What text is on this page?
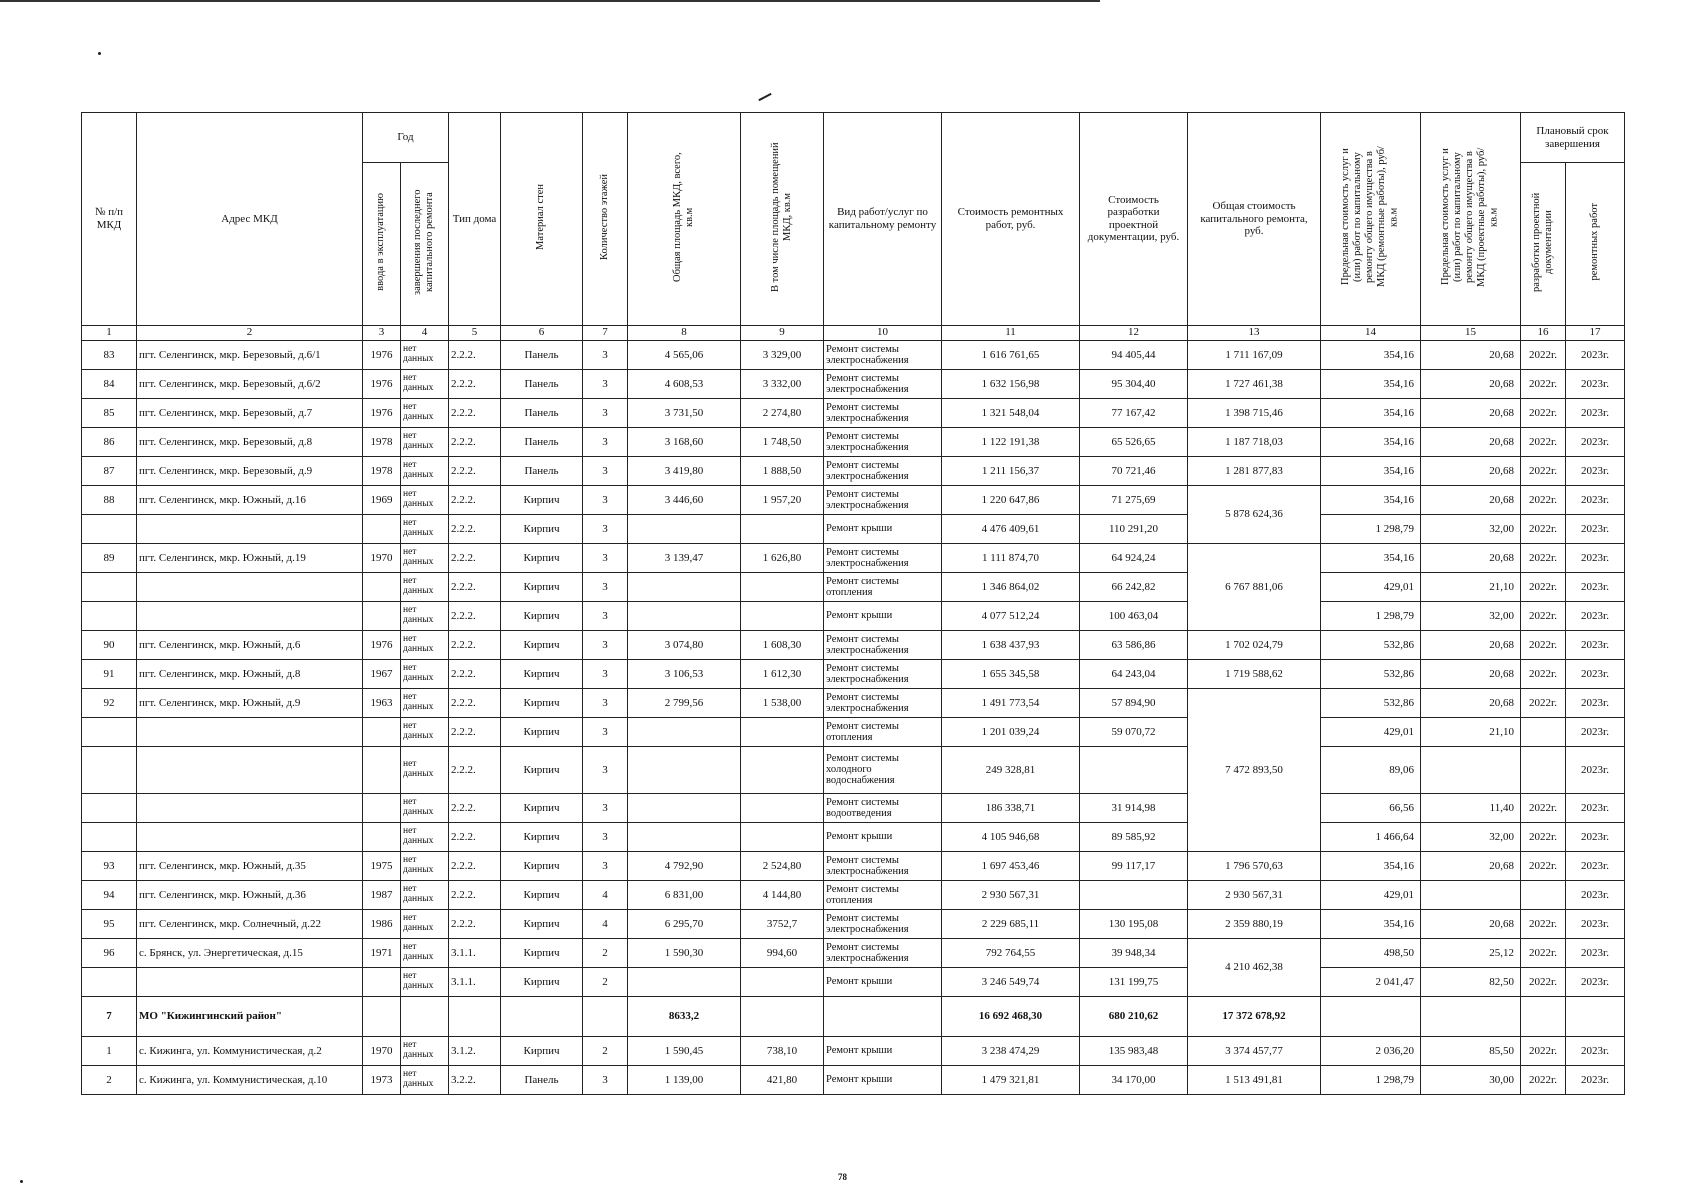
№ п/п МКД	Адрес МКД	Год		Тип дома	Материал стен	Количество этажей	Общая площадь МКД, всего, кв.м	В том числе площадь помещений МКД, кв.м	Вид работ/услуг по капитальному ремонту	Стоимость ремонтных работ, руб.	Стоимость разработки проектной документации, руб.	Общая стоимость капитального ремонта, руб.	Предельная стоимость услуг и (или) работ по капитальному ремонту общего имущества в МКД (ремонтные работы), руб/кв.м	Предельная стоимость услуг и (или) работ по капитальному ремонту общего имущества в МКД (проектные работы), руб/кв.м	Плановый срок завершения	
		ввода в эксплуатацию	завершения последнего капитального ремонта												разработки проектной документации	ремонтных работ
1	2	3	4	5	6	7	8	9	10	11	12	13	14	15	16	17
83	пгт. Селенгинск, мкр. Березовый, д.6/1	1976	нет данных	2.2.2.	Панель	3	4 565,06	3 329,00	Ремонт системы электроснабжения	1 616 761,65	94 405,44	1 711 167,09	354,16	20,68	2022г.	2023г.
84	пгт. Селенгинск, мкр. Березовый, д.6/2	1976	нет данных	2.2.2.	Панель	3	4 608,53	3 332,00	Ремонт системы электроснабжения	1 632 156,98	95 304,40	1 727 461,38	354,16	20,68	2022г.	2023г.
85	пгт. Селенгинск, мкр. Березовый, д.7	1976	нет данных	2.2.2.	Панель	3	3 731,50	2 274,80	Ремонт системы электроснабжения	1 321 548,04	77 167,42	1 398 715,46	354,16	20,68	2022г.	2023г.
86	пгт. Селенгинск, мкр. Березовый, д.8	1978	нет данных	2.2.2.	Панель	3	3 168,60	1 748,50	Ремонт системы электроснабжения	1 122 191,38	65 526,65	1 187 718,03	354,16	20,68	2022г.	2023г.
87	пгт. Селенгинск, мкр. Березовый, д.9	1978	нет данных	2.2.2.	Панель	3	3 419,80	1 888,50	Ремонт системы электроснабжения	1 211 156,37	70 721,46	1 281 877,83	354,16	20,68	2022г.	2023г.
88	пгт. Селенгинск, мкр. Южный, д.16	1969	нет данных	2.2.2.	Кирпич	3	3 446,60	1 957,20	Ремонт системы электроснабжения	1 220 647,86	71 275,69	5 878 624,36	354,16	20,68	2022г.	2023г.
			нет данных	2.2.2.	Кирпич	3			Ремонт крыши	4 476 409,61	110 291,20		1 298,79	32,00	2022г.	2023г.
89	пгт. Селенгинск, мкр. Южный, д.19	1970	нет данных	2.2.2.	Кирпич	3	3 139,47	1 626,80	Ремонт системы электроснабжения	1 111 874,70	64 924,24	6 767 881,06	354,16	20,68	2022г.	2023г.
			нет данных	2.2.2.	Кирпич	3			Ремонт системы отопления	1 346 864,02	66 242,82		429,01	21,10	2022г.	2023г.
			нет данных	2.2.2.	Кирпич	3			Ремонт крыши	4 077 512,24	100 463,04		1 298,79	32,00	2022г.	2023г.
90	пгт. Селенгинск, мкр. Южный, д.6	1976	нет данных	2.2.2.	Кирпич	3	3 074,80	1 608,30	Ремонт системы электроснабжения	1 638 437,93	63 586,86	1 702 024,79	532,86	20,68	2022г.	2023г.
91	пгт. Селенгинск, мкр. Южный, д.8	1967	нет данных	2.2.2.	Кирпич	3	3 106,53	1 612,30	Ремонт системы электроснабжения	1 655 345,58	64 243,04	1 719 588,62	532,86	20,68	2022г.	2023г.
92	пгт. Селенгинск, мкр. Южный, д.9	1963	нет данных	2.2.2.	Кирпич	3	2 799,56	1 538,00	Ремонт системы электроснабжения	1 491 773,54	57 894,90	7 472 893,50	532,86	20,68	2022г.	2023г.
			нет данных	2.2.2.	Кирпич	3			Ремонт системы отопления	1 201 039,24	59 070,72		429,01	21,10		2023г.
			нет данных	2.2.2.	Кирпич	3			Ремонт системы холодного водоснабжения	249 328,81			89,06			2023г.
			нет данных	2.2.2.	Кирпич	3			Ремонт системы водоотведения	186 338,71	31 914,98		66,56	11,40	2022г.	2023г.
			нет данных	2.2.2.	Кирпич	3			Ремонт крыши	4 105 946,68	89 585,92		1 466,64	32,00	2022г.	2023г.
93	пгт. Селенгинск, мкр. Южный, д.35	1975	нет данных	2.2.2.	Кирпич	3	4 792,90	2 524,80	Ремонт системы электроснабжения	1 697 453,46	99 117,17	1 796 570,63	354,16	20,68	2022г.	2023г.
94	пгт. Селенгинск, мкр. Южный, д.36	1987	нет данных	2.2.2.	Кирпич	4	6 831,00	4 144,80	Ремонт системы отопления	2 930 567,31		2 930 567,31	429,01			2023г.
95	пгт. Селенгинск, мкр. Солнечный, д.22	1986	нет данных	2.2.2.	Кирпич	4	6 295,70	3752,7	Ремонт системы электроснабжения	2 229 685,11	130 195,08	2 359 880,19	354,16	20,68	2022г.	2023г.
96	с. Брянск, ул. Энергетическая, д.15	1971	нет данных	3.1.1.	Кирпич	2	1 590,30	994,60	Ремонт системы электроснабжения	792 764,55	39 948,34	4 210 462,38	498,50	25,12	2022г.	2023г.
			нет данных	3.1.1.	Кирпич	2			Ремонт крыши	3 246 549,74	131 199,75		2 041,47	82,50	2022г.	2023г.
7	МО "Кижингинский район"						8633,2			16 692 468,30	680 210,62	17 372 678,92				
1	с. Кижинга, ул. Коммунистическая, д.2	1970	нет данных	3.1.2.	Кирпич	2	1 590,45	738,10	Ремонт крыши	3 238 474,29	135 983,48	3 374 457,77	2 036,20	85,50	2022г.	2023г.
2	с. Кижинга, ул. Коммунистическая, д.10	1973	нет данных	3.2.2.	Панель	3	1 139,00	421,80	Ремонт крыши	1 479 321,81	34 170,00	1 513 491,81	1 298,79	30,00	2022г.	2023г.
78
